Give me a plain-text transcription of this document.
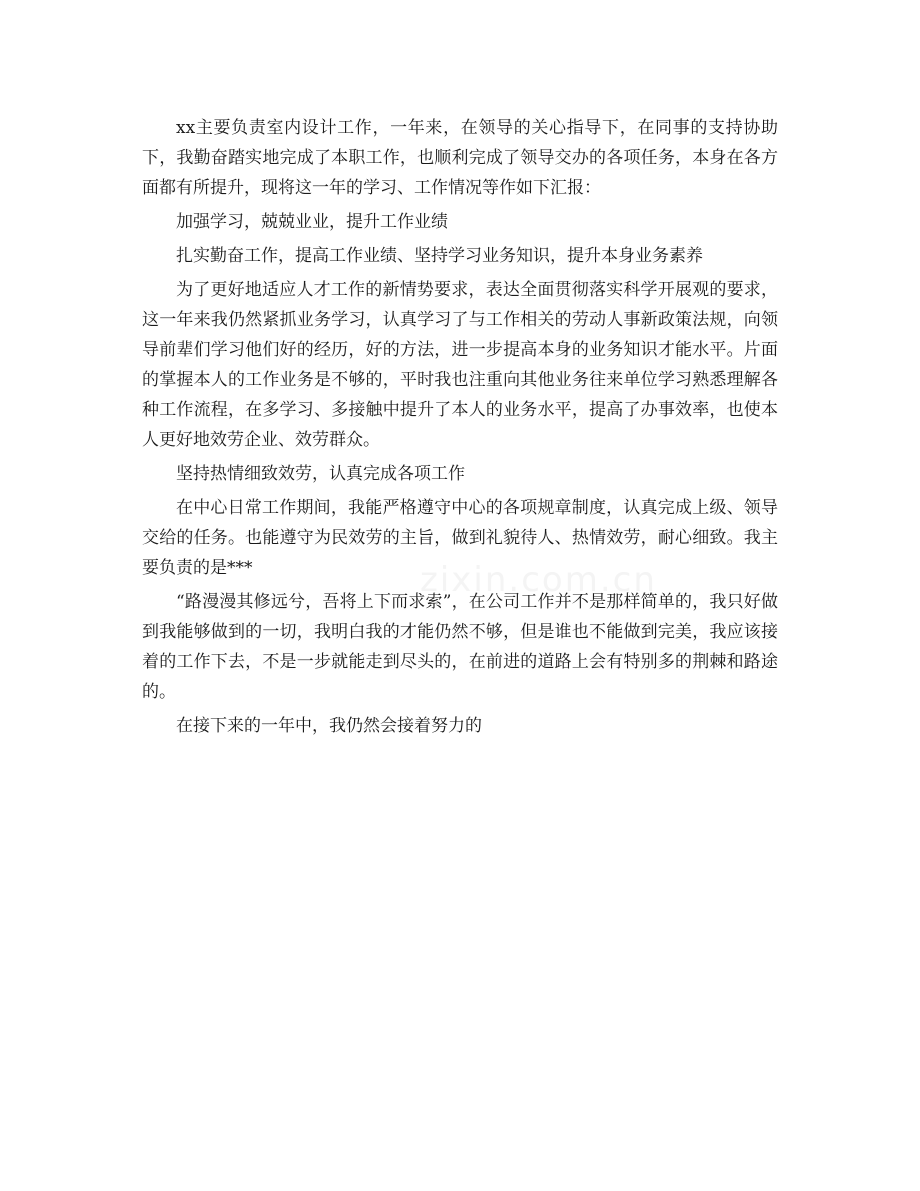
xx主要负责室内设计工作，一年来，在领导的关心指导下，在同事的支持协助下，我勤奋踏实地完成了本职工作，也顺利完成了领导交办的各项任务，本身在各方面都有所提升，现将这一年的学习、工作情况等作如下汇报：

加强学习，兢兢业业，提升工作业绩

扎实勤奋工作，提高工作业绩、坚持学习业务知识，提升本身业务素养

为了更好地适应人才工作的新情势要求，表达全面贯彻落实科学开展观的要求，这一年来我仍然紧抓业务学习，认真学习了与工作相关的劳动人事新政策法规，向领导前辈们学习他们好的经历，好的方法，进一步提高本身的业务知识才能水平。片面的掌握本人的工作业务是不够的，平时我也注重向其他业务往来单位学习熟悉理解各种工作流程，在多学习、多接触中提升了本人的业务水平，提高了办事效率，也使本人更好地效劳企业、效劳群众。

坚持热情细致效劳，认真完成各项工作

在中心日常工作期间，我能严格遵守中心的各项规章制度，认真完成上级、领导交给的任务。也能遵守为民效劳的主旨，做到礼貌待人、热情效劳，耐心细致。我主要负责的是***

“路漫漫其修远兮，吾将上下而求索”，在公司工作并不是那样简单的，我只好做到我能够做到的一切，我明白我的才能仍然不够，但是谁也不能做到完美，我应该接着的工作下去，不是一步就能走到尽头的，在前进的道路上会有特别多的荆棘和路途的。

在接下来的一年中，我仍然会接着努力的

zixin.com.cn
